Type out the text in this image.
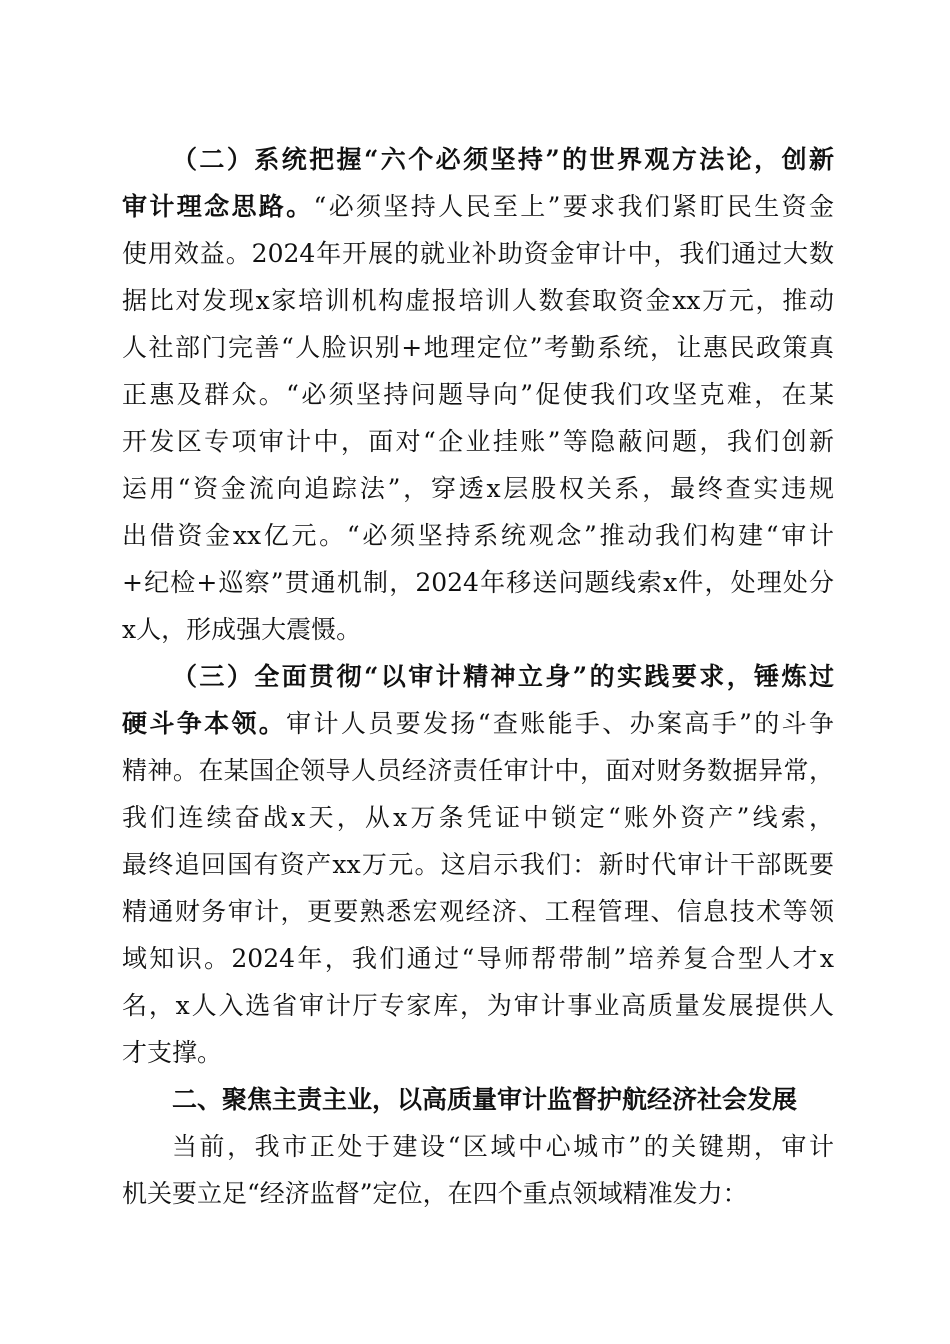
（二）系统把握“六个必须坚持”的世界观方法论，创新
审计理念思路。“必须坚持人民至上”要求我们紧盯民生资金
使用效益。2024年开展的就业补助资金审计中，我们通过大数
据比对发现x家培训机构虚报培训人数套取资金xx万元，推动
人社部门完善“人脸识别+地理定位”考勤系统，让惠民政策真
正惠及群众。“必须坚持问题导向”促使我们攻坚克难，在某
开发区专项审计中，面对“企业挂账”等隐蔽问题，我们创新
运用“资金流向追踪法”，穿透x层股权关系，最终查实违规
出借资金xx亿元。“必须坚持系统观念”推动我们构建“审计
+纪检+巡察”贯通机制，2024年移送问题线索x件，处理处分
x人，形成强大震慑。
（三）全面贯彻“以审计精神立身”的实践要求，锤炼过
硬斗争本领。审计人员要发扬“查账能手、办案高手”的斗争
精神。在某国企领导人员经济责任审计中，面对财务数据异常，
我们连续奋战x天，从x万条凭证中锁定“账外资产”线索，
最终追回国有资产xx万元。这启示我们：新时代审计干部既要
精通财务审计，更要熟悉宏观经济、工程管理、信息技术等领
域知识。2024年，我们通过“导师帮带制”培养复合型人才x
名，x人入选省审计厅专家库，为审计事业高质量发展提供人
才支撑。
二、聚焦主责主业，以高质量审计监督护航经济社会发展
当前，我市正处于建设“区域中心城市”的关键期，审计
机关要立足“经济监督”定位，在四个重点领域精准发力：
